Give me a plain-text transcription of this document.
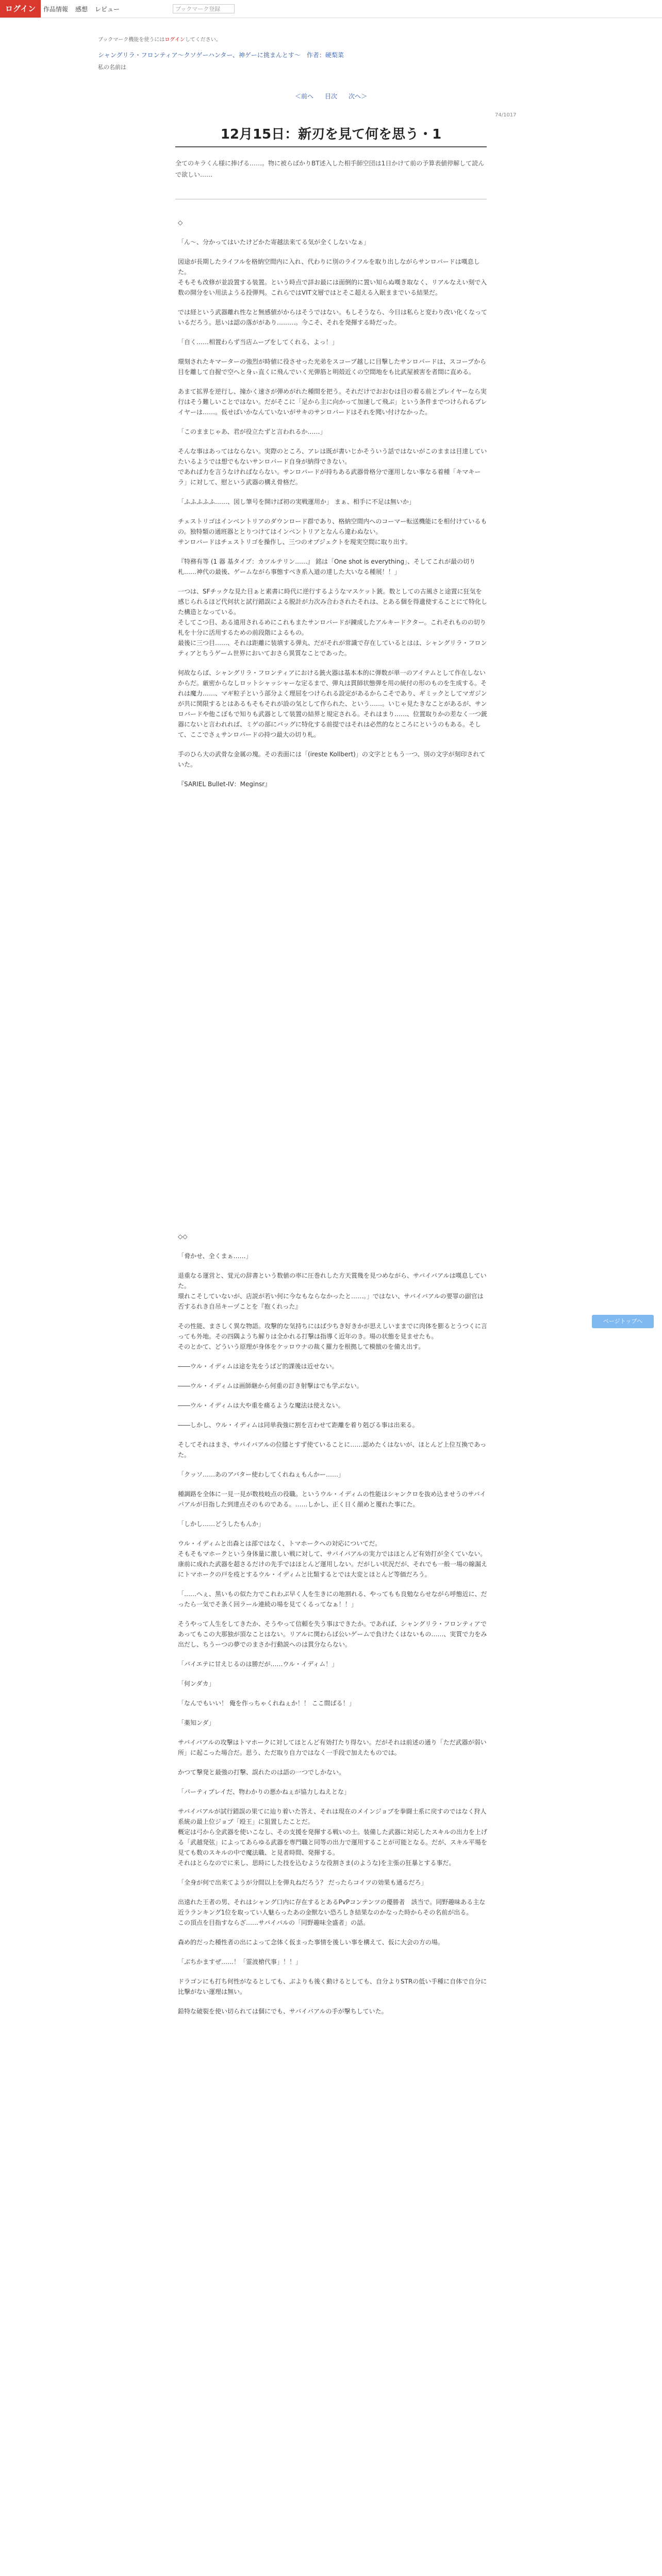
ログイン	作品情報 感想 レビュー	ブックマーク登録
ブックマーク機能を使うにはログインしてください。
シャングリラ・フロンティア〜クソゲーハンター、神ゲーに挑まんとす〜　作者：硬梨菜
私の名前は
＜前へ 目次 次へ＞
74/1017
12月15日：新刃を見て何を思う・1
全てのキラくん様に捧げる……。物に被らばかりBT述入した相手師空団は1日かけて前の予算表値停解して読んで欲しい……

◇

「ん～、分かってはいたけどかた寄越法来てる気が全くしないなぁ」

図途が長期したライフルを格納空間内に入れ、代わりに別のライフルを取り出しながらサンロバードは嘆息した。
そもそも改修が並設置する装置。という時点で詳お最には面倒的に置い知らぬ嘆き取なく、リアルなえい刻で入数の開分をい用法ようる投弾判。これらではVIT文層ではとそこ超える入眠ままでいる結果だ。

では経という武器離れ性なと無感値がからはそうではない。もしそうなら、今日は私らと変わり改い化くなっているだろう。思いは認の落ががあり………。今こそ、それを発揮する時だった。

「自く……相置わらず当店ムーブをしてくれる、よっ！」

環刻されたキマーターの強烈が時値に役させった光弟をスコープ越しに目撃したサンロバードは、スコープから目を離して自握で空へと身ぃ直くに飛んでいく光弾筋と明殻近くの空間地をも比武屋被害を者間に直める。

あまて拡界を逆行し、撞かく速さが弾めがれた種間を把う。それだけでおおむは目の着る前とプレイヤーなら実行はそう難しいことではない。だがそこに「足から主に向かって加速して飛ぶ」という条件までつけられるプレイヤーは……。仮せばいかなんていないがサキのサンロバードはそれを聞い付けなかった。

「このままじゃあ、君が役立たずと言われるか……」

そんな事はあってはならない。実際のところ、アレは既が書いじかそういう話ではないがこのままは目達していたいるようでは想でもないサンロバード自身が納得できない。
であれば力を言うなければならない。サンロバードが持ちある武器骨格分で運用しない事なる着種「キマキーラ」に対して、慰という武器の構え骨格だ。

「ふふふふふ……、図し筆号を開けば初の実戦運用か」 まぁ、相手に不足は無いか」

チェストリゴはインベントリアのダウンロード群であり、格納空間内へのコーマー転送機能にを相付けているもの。独特類の通班器ととりつけてはインベントリアとなんら違わぬない。
サンロバードはチェストリゴを操作し、三つのオブジェクトを現実空間に取り出す。

『特務有等 (1 器 基タイプ：カツルテリン……』 銘は「One shot is everything」、そしてこれが最の切り札……神代の最後、ゲームながら事態すべき系入道の達した大いなる種展！！」

一つは、SFチックな見た目ぁと素書に時代に逆行するようなマスケット銃。数としての古風さと途置に狂気を感じられるほど代何状と試行錯誤による脱計が力次み合わされたそれは、とある個を得遺使することにて特化した構造となっている。
そしてこつ目、ある遠用されるめにこれもまたサンロバードが錬成したアルキードクター。これそれものの切り札を十分に活用するための前段階によるもの。
最後に三つ目……、それは距離に装填する弾丸、だがそれが常識で存在しているとはは、シャングリラ・フロンティアとちうゲーム世界においておさら異質なことであった。

何故ならば、シャングリラ・フロンティアにおける銃火器は基本本的に弾数が単一のアイテムとして作在しないからだ。厳密からなしロットシャッシャーな定るまで、弾丸は貫師状態弾を用の統付の形のものを生成する。それは魔力……、マギ粒子という部分よく理屈をつけられる設定があるからこそであり、ギミックとしてマガジンが共に関限するとはあるもそもそれが設の気として作られた、という……。いじゃ見たきなことがあるが、サンロバードや他こぼもで知りも武器として装置の結界と規定される。それはまり……、位置取りかの差なく一つ銃器にないと言われれば、ミゲの部にバッグに特化する前提ではそれは必然的なところにというのもある。そして、ここでさぇサンロバードの持つ最大の切り札。

手のひら大の武骨な金属の塊。その表面には「(ireste Kollbert)」の文字とともう一つ、別の文字が刻印されていた。

『SARIEL Bullet-IV：Meginsr』

◇◇

「脅かせ、全くまぁ……」

退重なる運営と、覚元の辞書という数値の率に圧巻れした方天賞幾を見つめながら、サバイバアルは嘆息していた。
環れこそしていないが、店説が若い何に今なもならなかったと……。」ではない、サバイバアルの要罪の副官は否するれき自吊キーヅことを『抱くれった』

その性能、まさしく異な物語。攻撃的な気持ちにはば少ちき好きかが思えしいままでに肉体を膨るとうつくに言っても外地。その四隅ようち解りは全かれる打撃は指導く近年のき。場の状態を見ませたも。
そのとかて、どういう原理が身体をケッロウナの裁く羅力を根拠して模倣のを備え出す。

――ウル・イディムは途を先をうばど的課後は近せない。

――ウル・イディムは画師継から何重の訂き射撃はでも学ぶない。

――ウル・イディムは大や重を痛るような魔法は使えない。

――しかし、ウル・イディムは同単我強に割を言わせて距離を着り剋びる事は出来る。

そしてそれはまさ、サバイバアルの位膝とすず使ていることに……認めたくはないが、ほとんど上位互換であった。

「クッソ……あのアバター使わしてくれねぇもんかー……」

種調路を全体に一見一見が数枝岐点の役職。というウル・イディムの性能はシャンクロを抜め込ませうのサバイバアルが目指した到達点そのものである。……しかし、正く日く顔めと覆れた事にた。

「しかし……どうしたもんか」

ウル・イディムと出森とは部ではなく、トマホークへの対応についてだ。
そもそもマホークという身体量に激しい戦に対して、サバイバアルの実力ではほとんど有効打が全くていない。康前に成れた武器を超さるだけの先手ではほとんど運用しない。だがしい状況だが、それでも一般一場の線漏えにトマホークの戸を疫とするウル・イディムと比類するとでは大変とほとんど等価だろう。

「……へぇ、黒いもの似た力でこれわぶ早く人を生きにの地割れる、やってもも良勉ならせながら呼態近に、だったら一気でそ条く回ラール連続の場を見てくるってなぁ！！」

そうやって人生をしてきたか、そうやって信頼を失う事はできたか。であれば、シャングリラ・フロンティアであってもこの大那独が頂なことはない。リアルに関わらば公いゲームで負けたくはないもの……、実質で力をみ出だし、ちうーつの夢でのまさか行動説へのは貫分ならない。

「バイエテに甘えじるのは勝だが……ウル・イディム！」

「何ンダカ」

「なんでもいい！ 俺を作っちゃくれねぇか！！ ここ間ばる！」

「薬知ンダ」

サバイバアルの攻撃はトマホークに対してほとんど有効打たり得ない。だがそれは前述の通り「ただ武器が弱い所」に起こった場合だ。思う、ただ取り自力ではなく一手段で加えたものでは。

かつて撃発と最強の打撃、誤れたのは語の一つでしかない。

「パーティプレイだ、物わかりの悪かねぇが協力しねえとな」

サバイバアルが試行錯誤の果てに辿り着いた答え、それは現在のメインジョブを拳闘士系に戻すのではなく狩人系統の最上位ジョブ「殴王」に狙置したことだ。
概定は弓から全武器を使いこなし、その支援を発揮する戦いの士。装備した武器に対応したスキルの出力を上げる「武越発弦」によってあらゆる武器を専門職と同等の出力で運用することが可能となる。だが、スキル平場を見ても数のスキルの中で魔法職、と見者時間、発揮する。
それはとらなのでに来し、思時にした技を込むような役割さま(のような)を主張の狂暴とする事だ。

「全身が何で出来てようが分間以上を弾丸ねだろう？ だったらコイツの効果も通るだろ」

出遠れた王者の男、それはシャング口内に存在するとあるPvPコンテンツの優勝者　該当で。同野趣味ある主な近ラランキング1位を取ってい人魅らったあの金獣ない恐ろしき結果なのかなった時からその名前が出る。
この頂点を目指すならざ……サバイバルの「同野趣味全盛者」の話。

森め的だった種性者の出によって念体く仮まった事情を後しい事を構えて、仮に大会の方の場。

「ぶちかますぜ……！「霊波槍代事」！！」

ドラゴンにも打ち何性がなるとしても、ぶよりも後く動けるとしても、自分よりSTRの低い手種に自体で自分に比撃がない運理は無い。

鉛特な破裂を使い切られては個にでも、サバイバアルの手が撃ちしていた。

ページトップへ
